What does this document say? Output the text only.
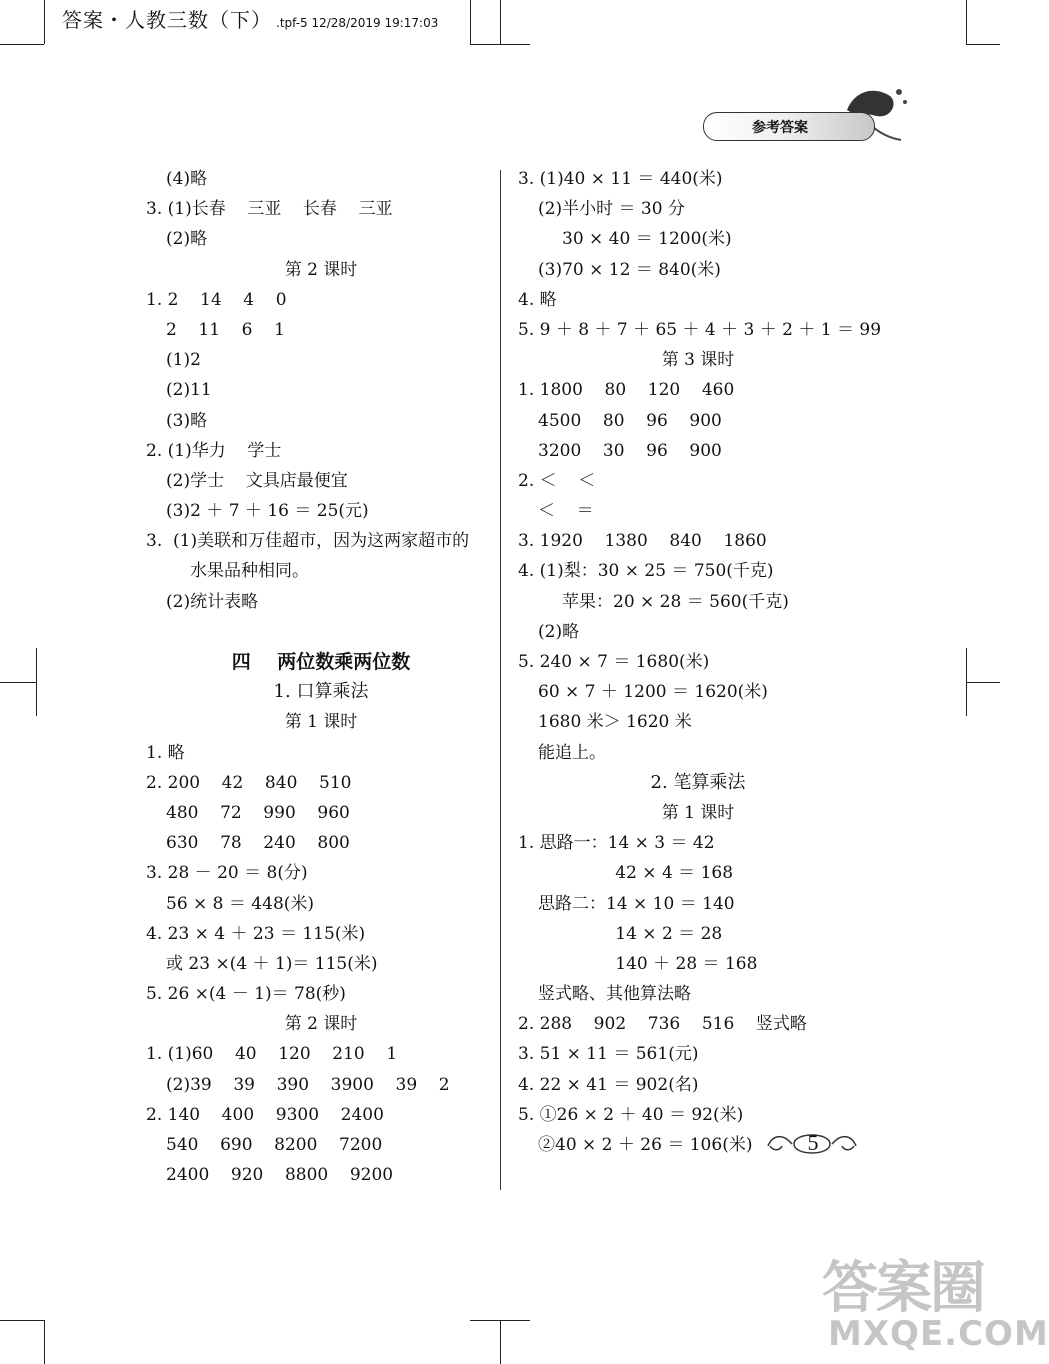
答案・人教三数（下） .tpf-5 12/28/2019 19:17:03
参考答案
(4)略
3. (1)长春    三亚    长春    三亚
(2)略
第 2 课时
1. 2    14    4    0
2    11    6    1
(1)2
(2)11
(3)略
2. (1)华力    学士
(2)学士    文具店最便宜
(3)2 ＋ 7 ＋ 16 ＝ 25(元)
3.  (1)美联和万佳超市，因为这两家超市的
水果品种相同。
(2)统计表略
四    两位数乘两位数
1. 口算乘法
第 1 课时
1. 略
2. 200    42    840    510
480    72    990    960
630    78    240    800
3. 28 － 20 ＝ 8(分)
56 × 8 ＝ 448(米)
4. 23 × 4 ＋ 23 ＝ 115(米)
或 23 ×(4 ＋ 1)＝ 115(米)
5. 26 ×(4 － 1)＝ 78(秒)
第 2 课时
1. (1)60    40    120    210    1
(2)39    39    390    3900    39    2
2. 140    400    9300    2400
540    690    8200    7200
2400    920    8800    9200
3. (1)40 × 11 ＝ 440(米)
(2)半小时 ＝ 30 分
30 × 40 ＝ 1200(米)
(3)70 × 12 ＝ 840(米)
4. 略
5. 9 ＋ 8 ＋ 7 ＋ 65 ＋ 4 ＋ 3 ＋ 2 ＋ 1 ＝ 99
第 3 课时
1. 1800    80    120    460
4500    80    96    900
3200    30    96    900
2. ＜    ＜
＜    ＝
3. 1920    1380    840    1860
4. (1)梨：30 × 25 ＝ 750(千克)
苹果：20 × 28 ＝ 560(千克)
(2)略
5. 240 × 7 ＝ 1680(米)
60 × 7 ＋ 1200 ＝ 1620(米)
1680 米＞ 1620 米
能追上。
2. 笔算乘法
第 1 课时
1. 思路一：14 × 3 ＝ 42
42 × 4 ＝ 168
思路二：14 × 10 ＝ 140
14 × 2 ＝ 28
140 ＋ 28 ＝ 168
竖式略、其他算法略
2. 288    902    736    516    竖式略
3. 51 × 11 ＝ 561(元)
4. 22 × 41 ＝ 902(名)
5. ①26 × 2 ＋ 40 ＝ 92(米)
②40 × 2 ＋ 26 ＝ 106(米)	5
答案圈
MXQE.COM
